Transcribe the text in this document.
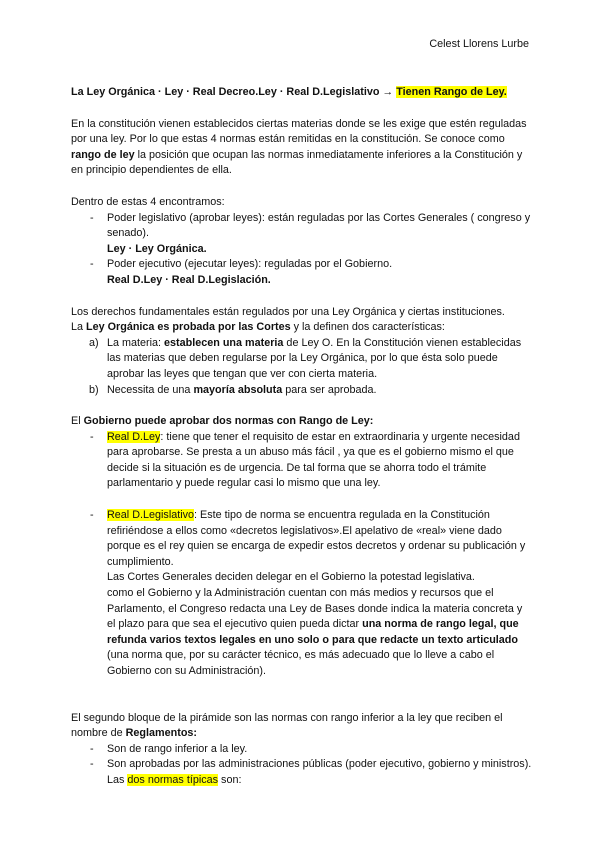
Celest Llorens Lurbe

La Ley Orgánica · Ley · Real Decreo.Ley · Real D.Legislativo → Tienen Rango de Ley.

En la constitución vienen establecidos ciertas materias donde se les exige que estén reguladas por una ley. Por lo que estas 4 normas están remitidas en la constitución. Se conoce como rango de ley la posición que ocupan las normas inmediatamente inferiores a la Constitución y en principio dependientes de ella.

Dentro de estas 4 encontramos:

- Poder legislativo (aprobar leyes): están reguladas por las Cortes Generales ( congreso y senado).
Ley · Ley Orgánica.
- Poder ejecutivo (ejecutar leyes): reguladas por el Gobierno.
Real D.Ley · Real D.Legislación.

Los derechos fundamentales están regulados por una Ley Orgánica y ciertas instituciones.

La Ley Orgánica es probada por las Cortes y la definen dos características:

a) La materia: establecen una materia de Ley O. En la Constitución vienen establecidas las materias que deben regularse por la Ley Orgánica, por lo que ésta solo puede aprobar las leyes que tengan que ver con cierta materia.
b) Necessita de una mayoría absoluta para ser aprobada.

El Gobierno puede aprobar dos normas con Rango de Ley:

- Real D.Ley: tiene que tener el requisito de estar en extraordinaria y urgente necesidad para aprobarse. Se presta a un abuso más fácil , ya que es el gobierno mismo el que decide si la situación es de urgencia. De tal forma que se ahorra todo el trámite parlamentario y puede regular casi lo mismo que una ley.
- Real D.Legislativo: Este tipo de norma se encuentra regulada en la Constitución refiriéndose a ellos como «decretos legislativos».El apelativo de «real» viene dado porque es el rey quien se encarga de expedir estos decretos y ordenar su publicación y cumplimiento.
Las Cortes Generales deciden delegar en el Gobierno la potestad legislativa.
como el Gobierno y la Administración cuentan con más medios y recursos que el Parlamento, el Congreso redacta una Ley de Bases donde indica la materia concreta y el plazo para que sea el ejecutivo quien pueda dictar una norma de rango legal, que refunda varios textos legales en uno solo o para que redacte un texto articulado (una norma que, por su carácter técnico, es más adecuado que lo lleve a cabo el Gobierno con su Administración).

El segundo bloque de la pirámide son las normas con rango inferior a la ley que reciben el nombre de Reglamentos:

- Son de rango inferior a la ley.
- Son aprobadas por las administraciones públicas (poder ejecutivo, gobierno y ministros). Las dos normas típicas son:
